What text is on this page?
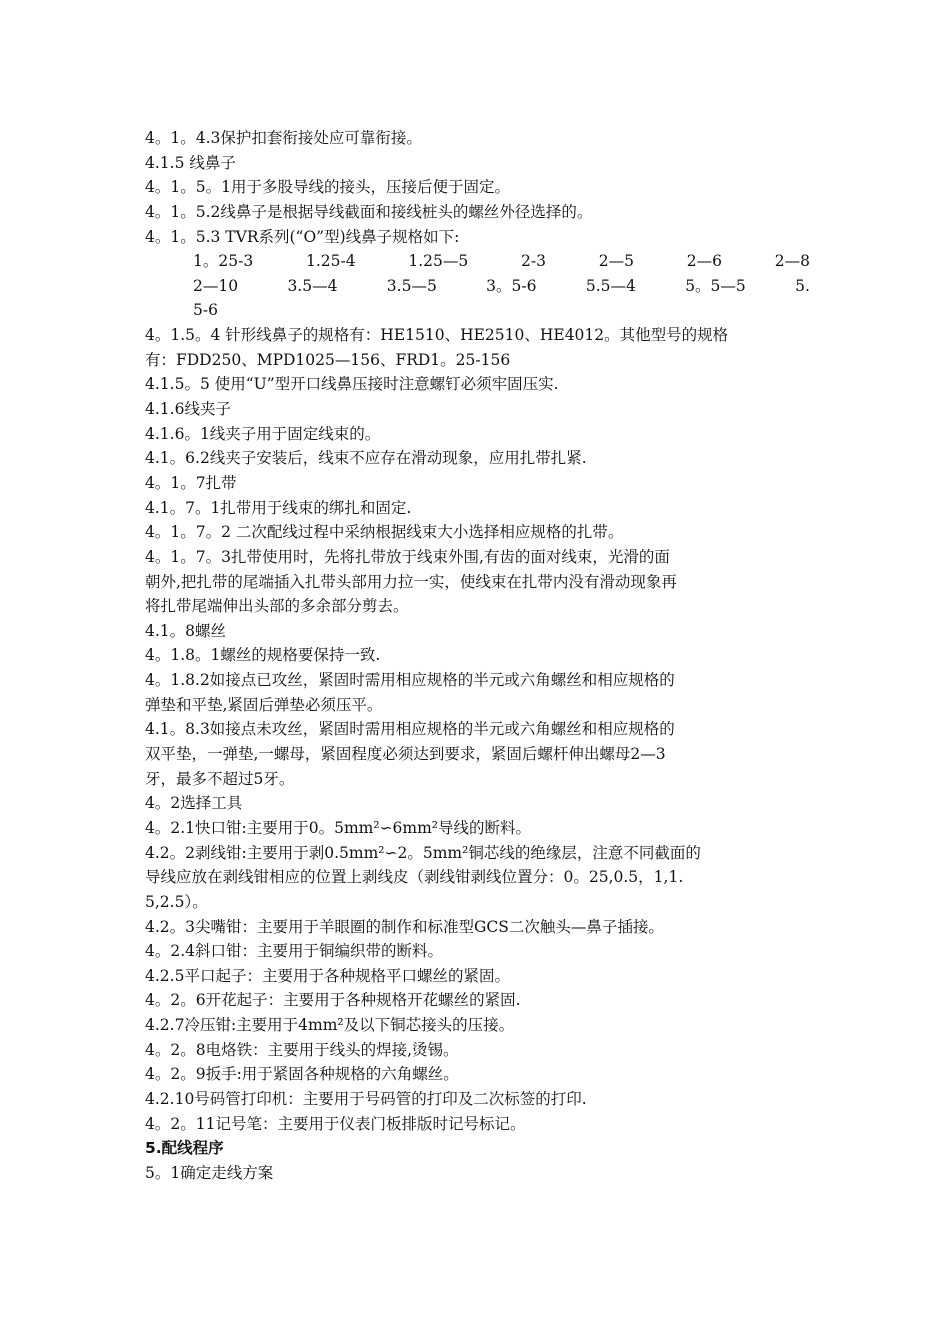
4。1。4.3保护扣套衔接处应可靠衔接。
4.1.5 线鼻子
4。1。5。1用于多股导线的接头，压接后便于固定。
4。1。5.2线鼻子是根据导线截面和接线桩头的螺丝外径选择的。
4。1。5.3 TVR系列(“O”型)线鼻子规格如下:
1。25-3	1.25-4	1.25—5	2-3	2—5	2—6	2—8
2—10	3.5—4	3.5—5	3。5-6	5.5—4	5。5—5	5.
5-6
4。1.5。4 针形线鼻子的规格有：HE1510、HE2510、HE4012。其他型号的规格
有：FDD250、MPD1025—156、FRD1。25-156
4.1.5。5 使用“U”型开口线鼻压接时注意螺钉必须牢固压实.
4.1.6线夹子
4.1.6。1线夹子用于固定线束的。
4.1。6.2线夹子安装后，线束不应存在滑动现象，应用扎带扎紧.
4。1。7扎带
4.1。7。1扎带用于线束的绑扎和固定.
4。1。7。2 二次配线过程中采纳根据线束大小选择相应规格的扎带。
4。1。7。3扎带使用时，先将扎带放于线束外围,有齿的面对线束，光滑的面
朝外,把扎带的尾端插入扎带头部用力拉一实，使线束在扎带内没有滑动现象再
将扎带尾端伸出头部的多余部分剪去。
4.1。8螺丝
4。1.8。1螺丝的规格要保持一致.
4。1.8.2如接点已攻丝，紧固时需用相应规格的半元或六角螺丝和相应规格的
弹垫和平垫,紧固后弹垫必须压平。
4.1。8.3如接点未攻丝，紧固时需用相应规格的半元或六角螺丝和相应规格的
双平垫，一弹垫,一螺母，紧固程度必须达到要求，紧固后螺杆伸出螺母2—3
牙，最多不超过5牙。
4。2选择工具
4。2.1快口钳:主要用于0。5mm²∽6mm²导线的断料。
4.2。2剥线钳:主要用于剥0.5mm²∽2。5mm²铜芯线的绝缘层，注意不同截面的
导线应放在剥线钳相应的位置上剥线皮（剥线钳剥线位置分：0。25,0.5，1,1.
5,2.5）。
4.2。3尖嘴钳：主要用于羊眼圈的制作和标准型GCS二次触头—鼻子插接。
4。2.4斜口钳：主要用于铜编织带的断料。
4.2.5平口起子：主要用于各种规格平口螺丝的紧固。
4。2。6开花起子：主要用于各种规格开花螺丝的紧固.
4.2.7冷压钳:主要用于4mm²及以下铜芯接头的压接。
4。2。8电烙铁：主要用于线头的焊接,烫锡。
4。2。9扳手:用于紧固各种规格的六角螺丝。
4.2.10号码管打印机：主要用于号码管的打印及二次标签的打印.
4。2。11记号笔：主要用于仪表门板排版时记号标记。
5.配线程序
5。1确定走线方案
